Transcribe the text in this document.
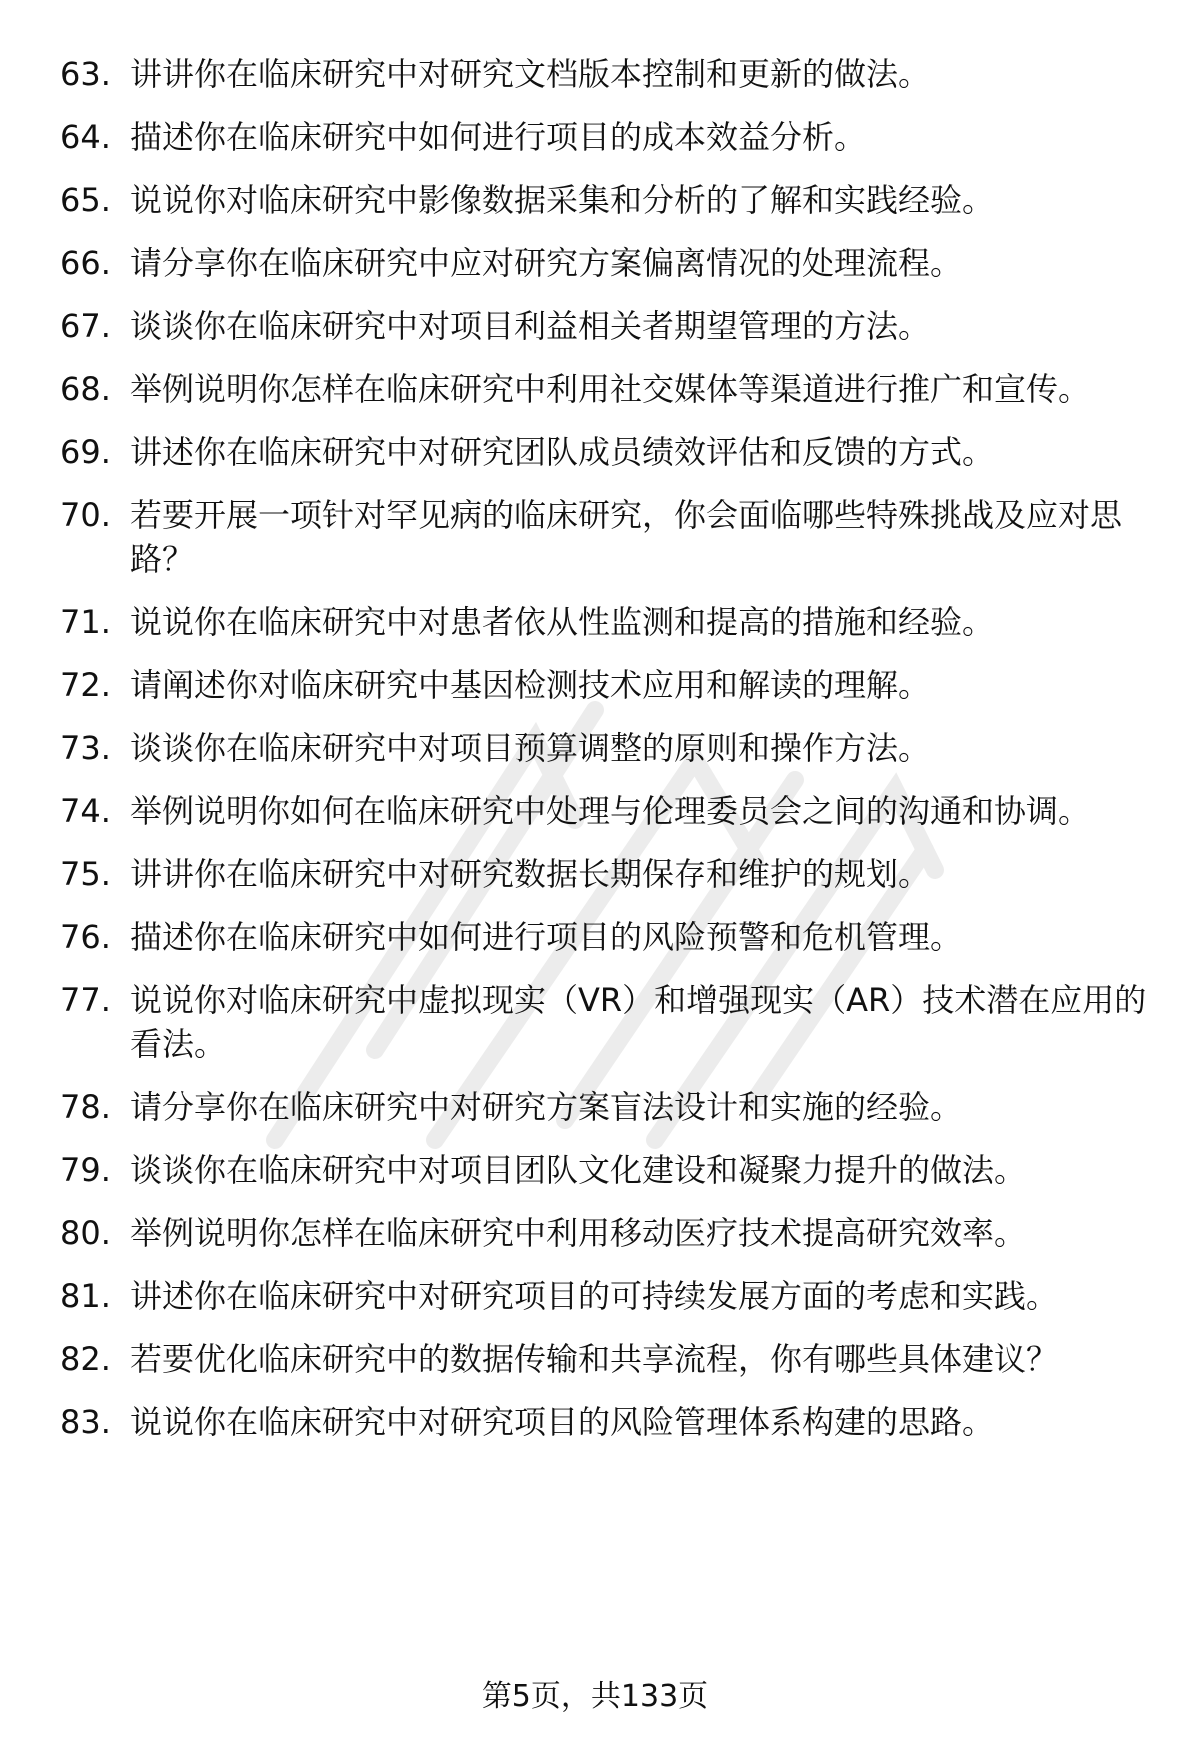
63. 讲讲你在临床研究中对研究文档版本控制和更新的做法。
64. 描述你在临床研究中如何进行项目的成本效益分析。
65. 说说你对临床研究中影像数据采集和分析的了解和实践经验。
66. 请分享你在临床研究中应对研究方案偏离情况的处理流程。
67. 谈谈你在临床研究中对项目利益相关者期望管理的方法。
68. 举例说明你怎样在临床研究中利用社交媒体等渠道进行推广和宣传。
69. 讲述你在临床研究中对研究团队成员绩效评估和反馈的方式。
70. 若要开展一项针对罕见病的临床研究，你会面临哪些特殊挑战及应对思路？
71. 说说你在临床研究中对患者依从性监测和提高的措施和经验。
72. 请阐述你对临床研究中基因检测技术应用和解读的理解。
73. 谈谈你在临床研究中对项目预算调整的原则和操作方法。
74. 举例说明你如何在临床研究中处理与伦理委员会之间的沟通和协调。
75. 讲讲你在临床研究中对研究数据长期保存和维护的规划。
76. 描述你在临床研究中如何进行项目的风险预警和危机管理。
77. 说说你对临床研究中虚拟现实（VR）和增强现实（AR）技术潜在应用的看法。
78. 请分享你在临床研究中对研究方案盲法设计和实施的经验。
79. 谈谈你在临床研究中对项目团队文化建设和凝聚力提升的做法。
80. 举例说明你怎样在临床研究中利用移动医疗技术提高研究效率。
81. 讲述你在临床研究中对研究项目的可持续发展方面的考虑和实践。
82. 若要优化临床研究中的数据传输和共享流程，你有哪些具体建议？
83. 说说你在临床研究中对研究项目的风险管理体系构建的思路。
第5页，共133页
